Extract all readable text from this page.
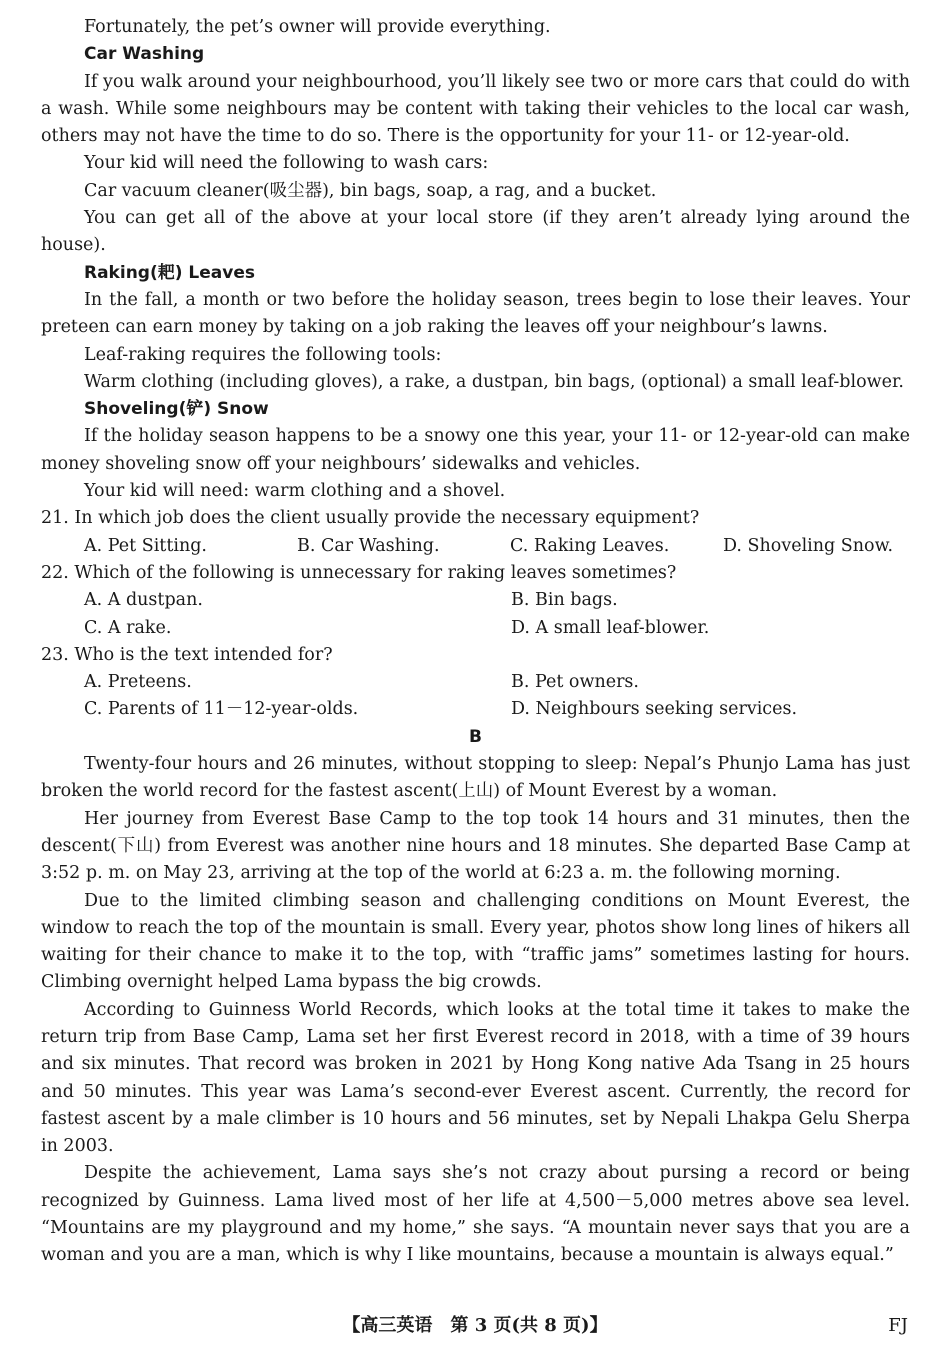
Fortunately, the pet’s owner will provide everything.

Car Washing

If you walk around your neighbourhood, you’ll likely see two or more cars that could do with a wash. While some neighbours may be content with taking their vehicles to the local car wash, others may not have the time to do so. There is the opportunity for your 11- or 12-year-old.

Your kid will need the following to wash cars:

Car vacuum cleaner(吸尘器), bin bags, soap, a rag, and a bucket.

You can get all of the above at your local store (if they aren’t already lying around the house).

Raking(耙) Leaves

In the fall, a month or two before the holiday season, trees begin to lose their leaves. Your preteen can earn money by taking on a job raking the leaves off your neighbour’s lawns.

Leaf-raking requires the following tools:

Warm clothing (including gloves), a rake, a dustpan, bin bags, (optional) a small leaf-blower.

Shoveling(铲) Snow

If the holiday season happens to be a snowy one this year, your 11- or 12-year-old can make money shoveling snow off your neighbours’ sidewalks and vehicles.

Your kid will need: warm clothing and a shovel.

21. In which job does the client usually provide the necessary equipment?

A. Pet Sitting.	B. Car Washing.	C. Raking Leaves.	D. Shoveling Snow.

22. Which of the following is unnecessary for raking leaves sometimes?

A. A dustpan.	B. Bin bags.
C. A rake.	D. A small leaf-blower.

23. Who is the text intended for?

A. Preteens.	B. Pet owners.
C. Parents of 11－12-year-olds.	D. Neighbours seeking services.
B

Twenty-four hours and 26 minutes, without stopping to sleep: Nepal’s Phunjo Lama has just broken the world record for the fastest ascent(上山) of Mount Everest by a woman.

Her journey from Everest Base Camp to the top took 14 hours and 31 minutes, then the descent(下山) from Everest was another nine hours and 18 minutes. She departed Base Camp at 3:52 p. m. on May 23, arriving at the top of the world at 6:23 a. m. the following morning.

Due to the limited climbing season and challenging conditions on Mount Everest, the window to reach the top of the mountain is small. Every year, photos show long lines of hikers all waiting for their chance to make it to the top, with “traffic jams” sometimes lasting for hours. Climbing overnight helped Lama bypass the big crowds.

According to Guinness World Records, which looks at the total time it takes to make the return trip from Base Camp, Lama set her first Everest record in 2018, with a time of 39 hours and six minutes. That record was broken in 2021 by Hong Kong native Ada Tsang in 25 hours and 50 minutes. This year was Lama’s second-ever Everest ascent. Currently, the record for fastest ascent by a male climber is 10 hours and 56 minutes, set by Nepali Lhakpa Gelu Sherpa in 2003.

Despite the achievement, Lama says she’s not crazy about pursing a record or being recognized by Guinness. Lama lived most of her life at 4,500－5,000 metres above sea level. “Mountains are my playground and my home,” she says. “A mountain never says that you are a woman and you are a man, which is why I like mountains, because a mountain is always equal.”

【高三英语　第 3 页(共 8 页)】	FJ
